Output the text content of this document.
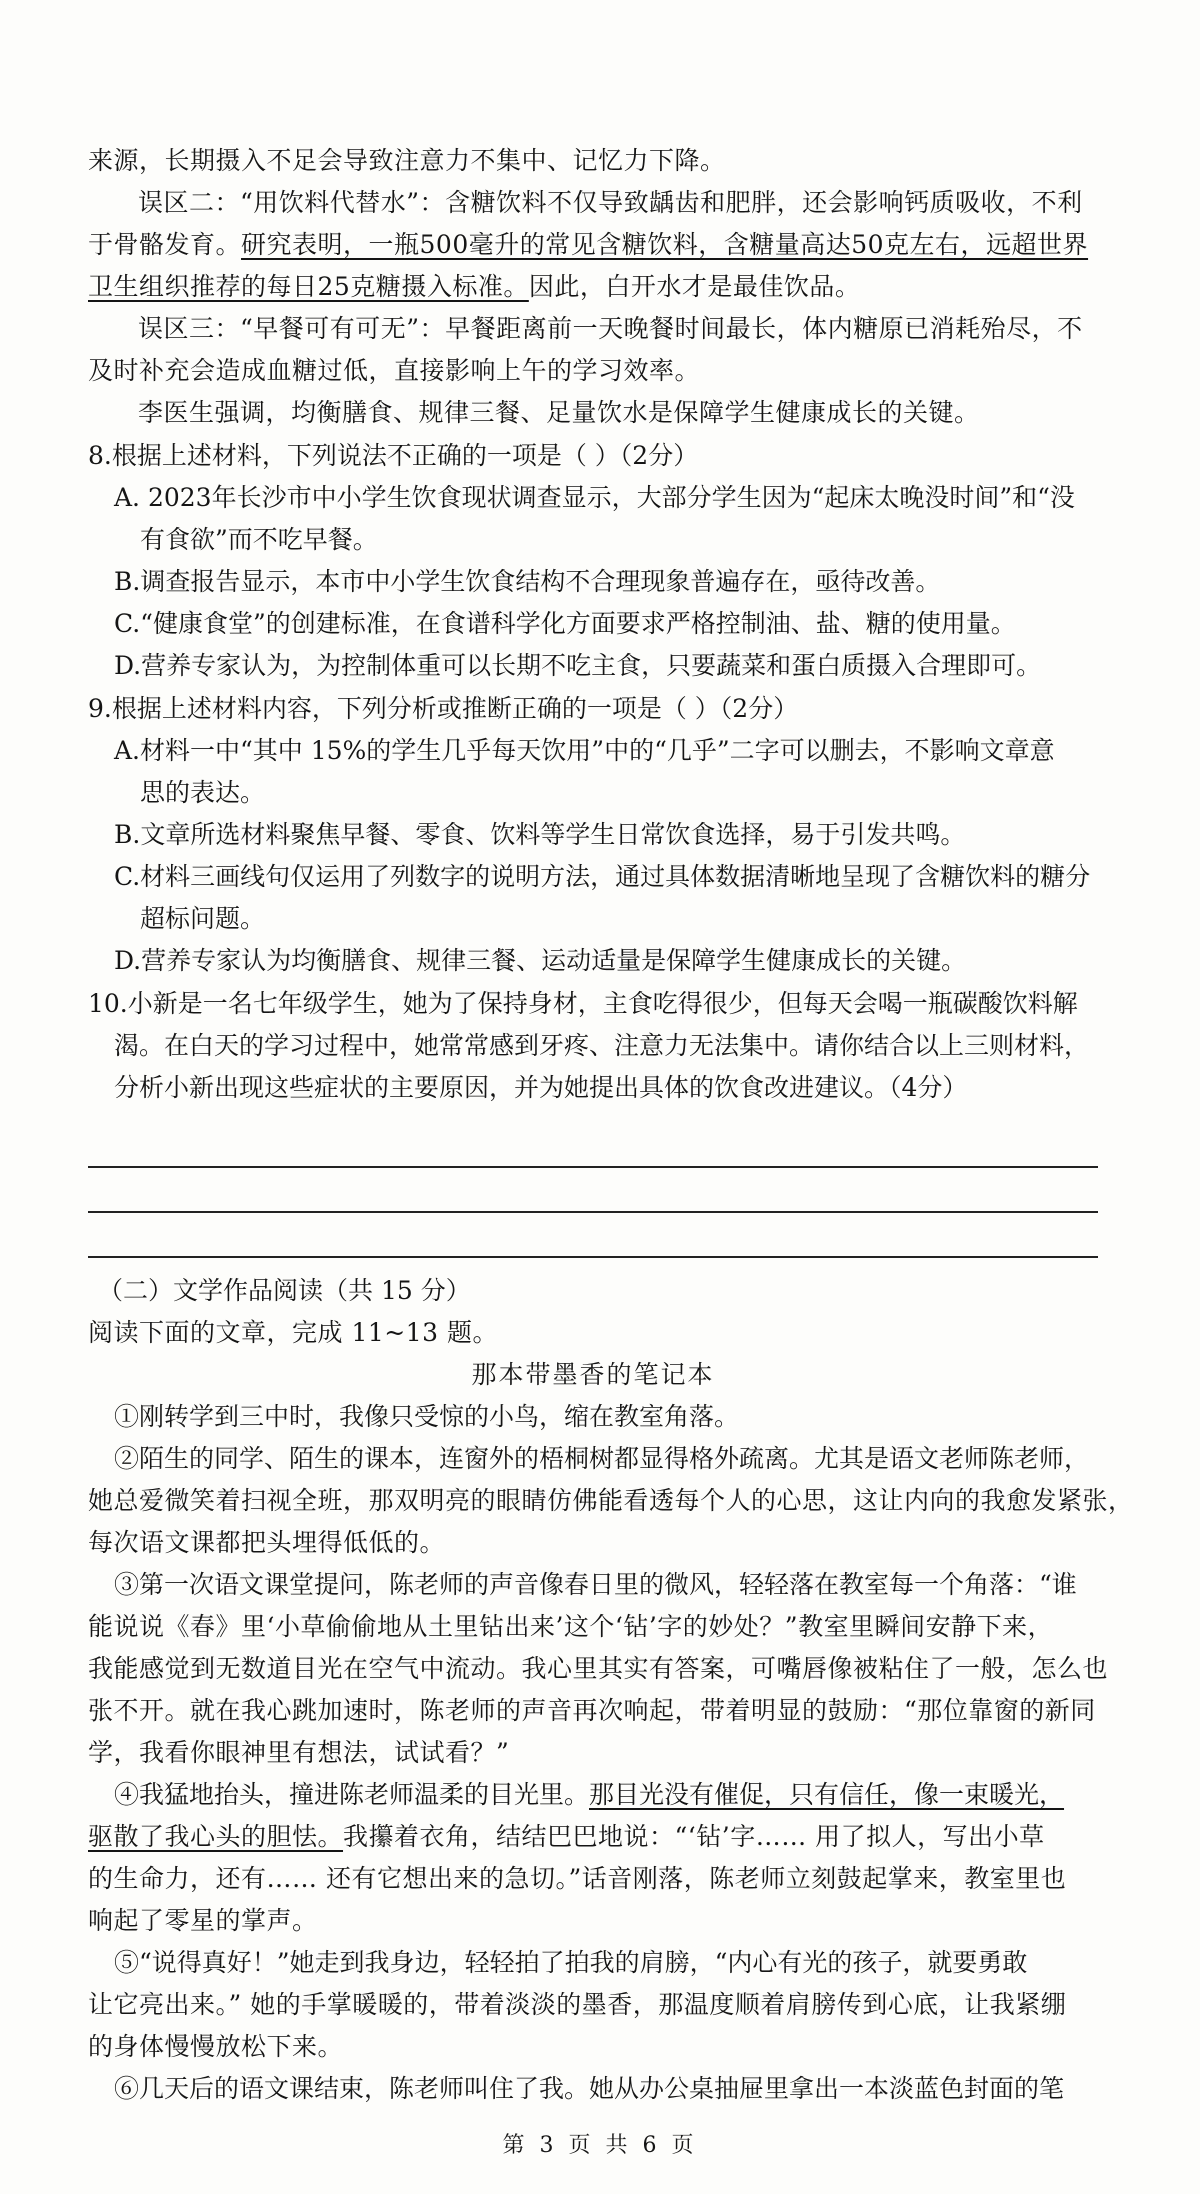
来源，长期摄入不足会导致注意力不集中、记忆力下降。

误区二：“用饮料代替水”：含糖饮料不仅导致龋齿和肥胖，还会影响钙质吸收，不利

于骨骼发育。研究表明，一瓶500毫升的常见含糖饮料，含糖量高达50克左右，远超世界

卫生组织推荐的每日25克糖摄入标准。因此，白开水才是最佳饮品。

误区三：“早餐可有可无”：早餐距离前一天晚餐时间最长，体内糖原已消耗殆尽，不

及时补充会造成血糖过低，直接影响上午的学习效率。

李医生强调，均衡膳食、规律三餐、足量饮水是保障学生健康成长的关键。

8.根据上述材料，下列说法不正确的一项是（ ）（2分）

A. 2023年长沙市中小学生饮食现状调查显示，大部分学生因为“起床太晚没时间”和“没

有食欲”而不吃早餐。

B.调查报告显示，本市中小学生饮食结构不合理现象普遍存在，亟待改善。

C.“健康食堂”的创建标准，在食谱科学化方面要求严格控制油、盐、糖的使用量。

D.营养专家认为，为控制体重可以长期不吃主食，只要蔬菜和蛋白质摄入合理即可。

9.根据上述材料内容，下列分析或推断正确的一项是（ ）（2分）

A.材料一中“其中 15%的学生几乎每天饮用”中的“几乎”二字可以删去，不影响文章意

思的表达。

B.文章所选材料聚焦早餐、零食、饮料等学生日常饮食选择，易于引发共鸣。

C.材料三画线句仅运用了列数字的说明方法，通过具体数据清晰地呈现了含糖饮料的糖分

超标问题。

D.营养专家认为均衡膳食、规律三餐、运动适量是保障学生健康成长的关键。

10.小新是一名七年级学生，她为了保持身材，主食吃得很少，但每天会喝一瓶碳酸饮料解

渴。在白天的学习过程中，她常常感到牙疼、注意力无法集中。请你结合以上三则材料，

分析小新出现这些症状的主要原因，并为她提出具体的饮食改进建议。（4分）

（二）文学作品阅读（共 15 分）

阅读下面的文章，完成 11~13 题。

那本带墨香的笔记本

①刚转学到三中时，我像只受惊的小鸟，缩在教室角落。

②陌生的同学、陌生的课本，连窗外的梧桐树都显得格外疏离。尤其是语文老师陈老师，

她总爱微笑着扫视全班，那双明亮的眼睛仿佛能看透每个人的心思，这让内向的我愈发紧张，

每次语文课都把头埋得低低的。

③第一次语文课堂提问，陈老师的声音像春日里的微风，轻轻落在教室每一个角落：“谁

能说说《春》里‘小草偷偷地从土里钻出来’这个‘钻’字的妙处？”教室里瞬间安静下来，

我能感觉到无数道目光在空气中流动。我心里其实有答案，可嘴唇像被粘住了一般，怎么也

张不开。就在我心跳加速时，陈老师的声音再次响起，带着明显的鼓励：“那位靠窗的新同

学，我看你眼神里有想法，试试看？”

④我猛地抬头，撞进陈老师温柔的目光里。那目光没有催促，只有信任，像一束暖光，

驱散了我心头的胆怯。我攥着衣角，结结巴巴地说：“‘钻’字…… 用了拟人，写出小草

的生命力，还有…… 还有它想出来的急切。”话音刚落，陈老师立刻鼓起掌来，教室里也

响起了零星的掌声。

⑤“说得真好！”她走到我身边，轻轻拍了拍我的肩膀，“内心有光的孩子，就要勇敢

让它亮出来。” 她的手掌暖暖的，带着淡淡的墨香，那温度顺着肩膀传到心底，让我紧绷

的身体慢慢放松下来。

⑥几天后的语文课结束，陈老师叫住了我。她从办公桌抽屉里拿出一本淡蓝色封面的笔

第 3 页 共 6 页
